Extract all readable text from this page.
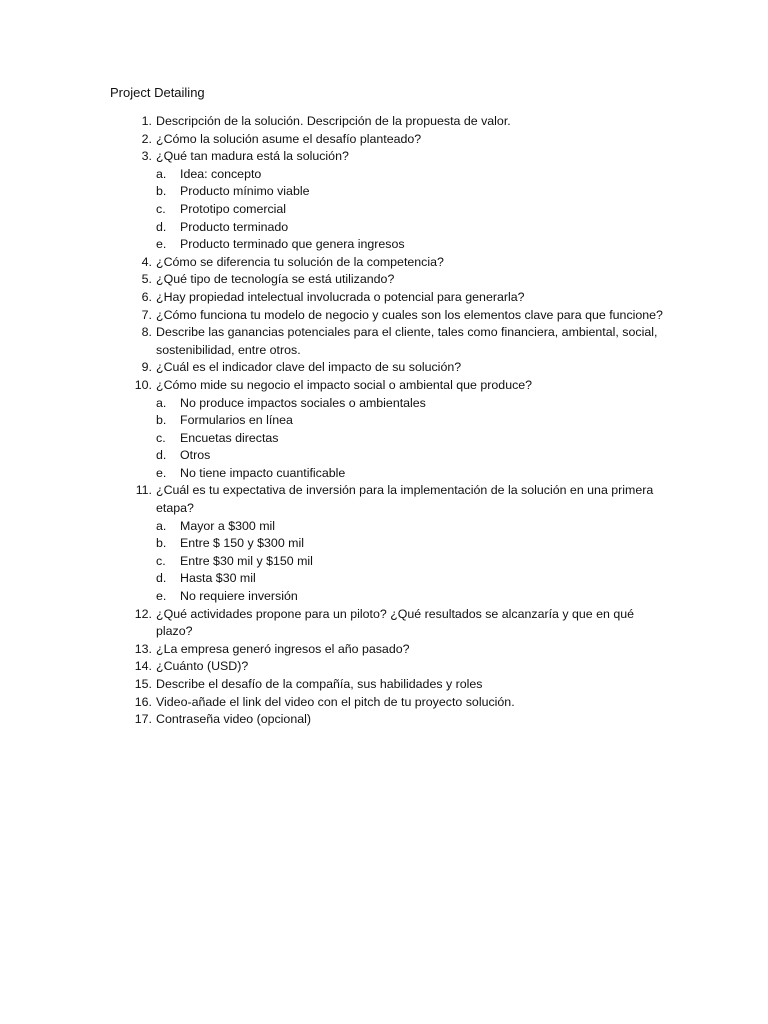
Project Detailing
1. Descripción de la solución. Descripción de la propuesta de valor.
2. ¿Cómo la solución asume el desafío planteado?
3. ¿Qué tan madura está la solución?
a.	Idea: concepto
b.	Producto mínimo viable
c.	Prototipo comercial
d.	Producto terminado
e.	Producto terminado que genera ingresos
4. ¿Cómo se diferencia tu solución de la competencia?
5. ¿Qué tipo de tecnología se está utilizando?
6. ¿Hay propiedad intelectual involucrada o potencial para generarla?
7. ¿Cómo funciona tu modelo de negocio y cuales son los elementos clave para que funcione?
8. Describe las ganancias potenciales para el cliente, tales como financiera, ambiental, social, sostenibilidad, entre otros.
9. ¿Cuál es el indicador clave del impacto de su solución?
10. ¿Cómo mide su negocio el impacto social o ambiental que produce?
a.	No produce impactos sociales o ambientales
b.	Formularios en línea
c.	Encuetas directas
d.	Otros
e.	No tiene impacto cuantificable
11. ¿Cuál es tu expectativa de inversión para la implementación de la solución en una primera etapa?
a.	Mayor a $300 mil
b.	Entre $ 150 y $300 mil
c.	Entre $30 mil y $150 mil
d.	Hasta $30 mil
e.	No requiere inversión
12. ¿Qué actividades propone para un piloto? ¿Qué resultados se alcanzaría y que en qué plazo?
13. ¿La empresa generó ingresos el año pasado?
14. ¿Cuánto (USD)?
15. Describe el desafío de la compañía, sus habilidades y roles
16. Video-añade el link del video con el pitch de tu proyecto solución.
17. Contraseña video (opcional)
